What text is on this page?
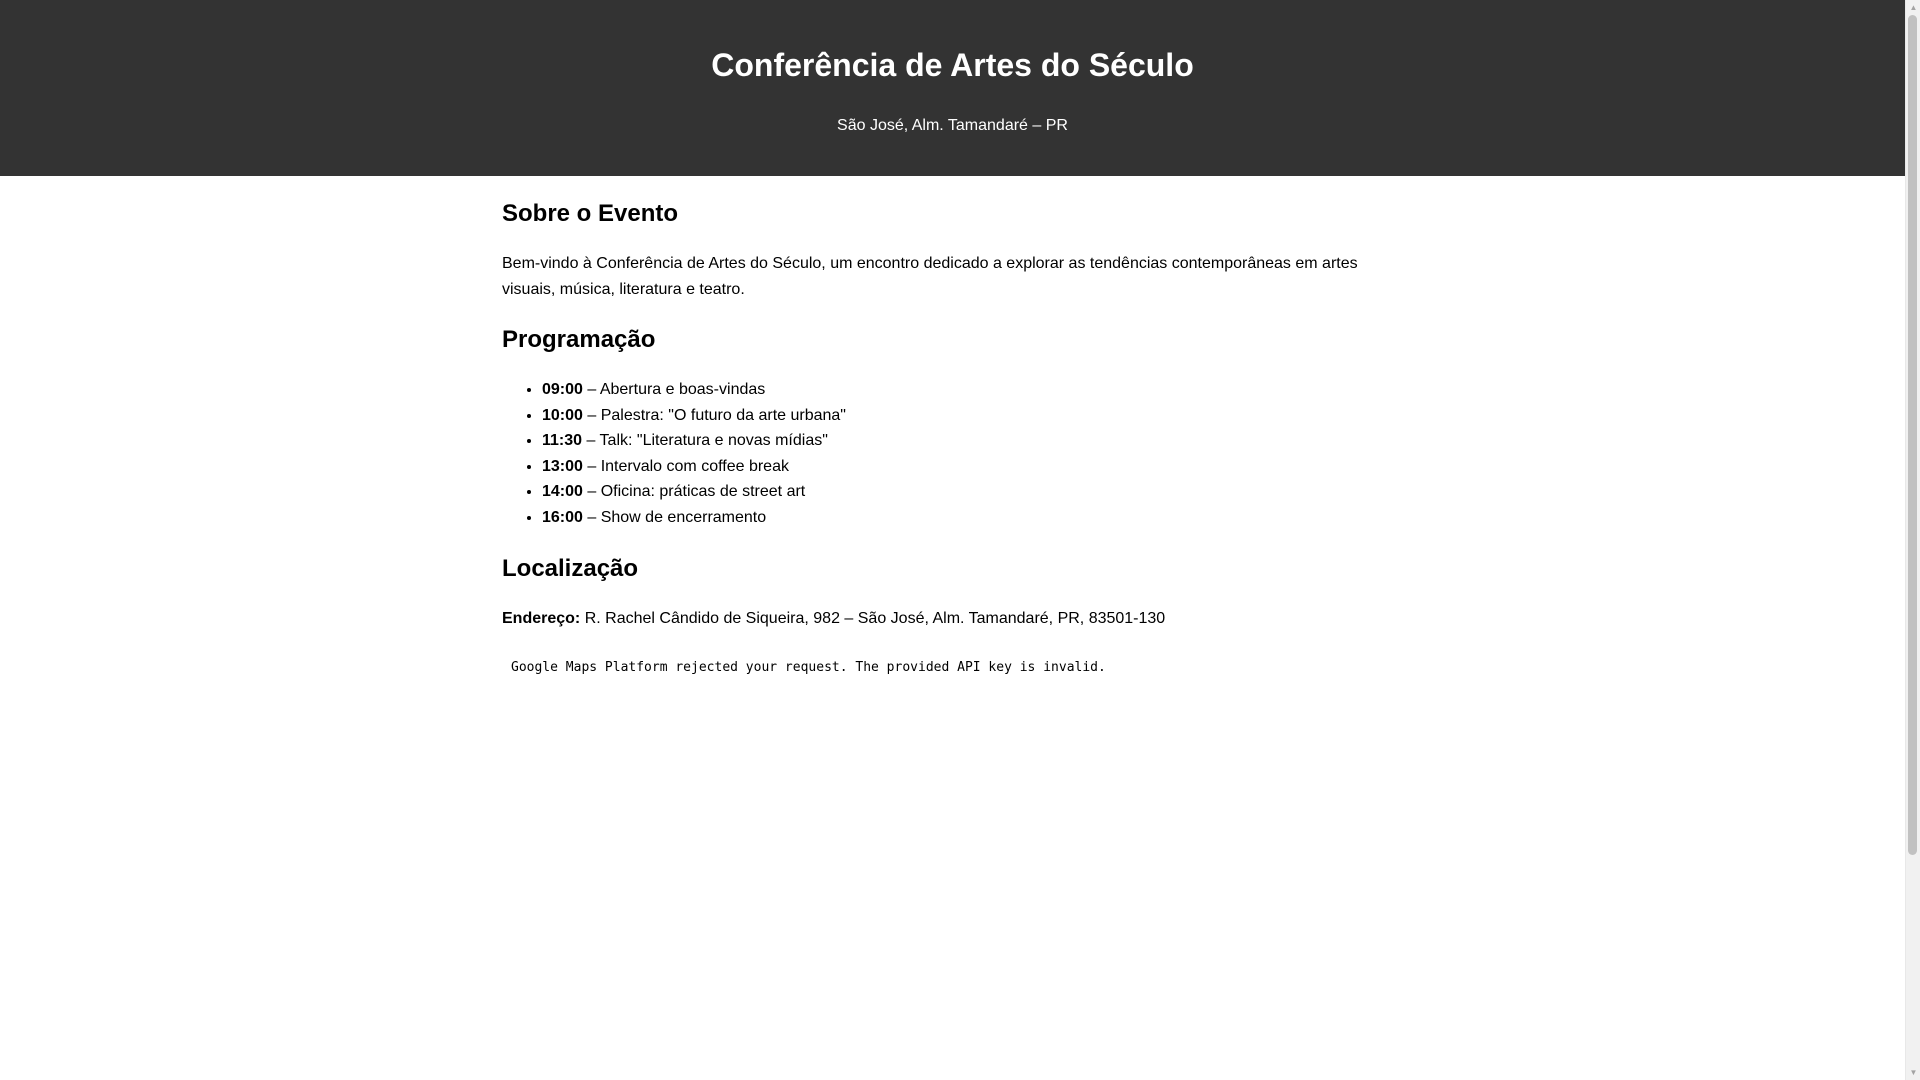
Conferência de Artes do Século

São José, Alm. Tamandaré – PR

Sobre o Evento

Bem-vindo à Conferência de Artes do Século, um encontro dedicado a explorar as tendências contemporâneas em artes visuais, música, literatura e teatro.

Programação
• 09:00 – Abertura e boas-vindas
• 10:00 – Palestra: "O futuro da arte urbana"
• 11:30 – Talk: "Literatura e novas mídias"
• 13:00 – Intervalo com coffee break
• 14:00 – Oficina: práticas de street art
• 16:00 – Show de encerramento
Localização

Endereço: R. Rachel Cândido de Siqueira, 982 – São José, Alm. Tamandaré, PR, 83501-130

Google Maps Platform rejected your request. The provided API key is invalid.
▲
▼
